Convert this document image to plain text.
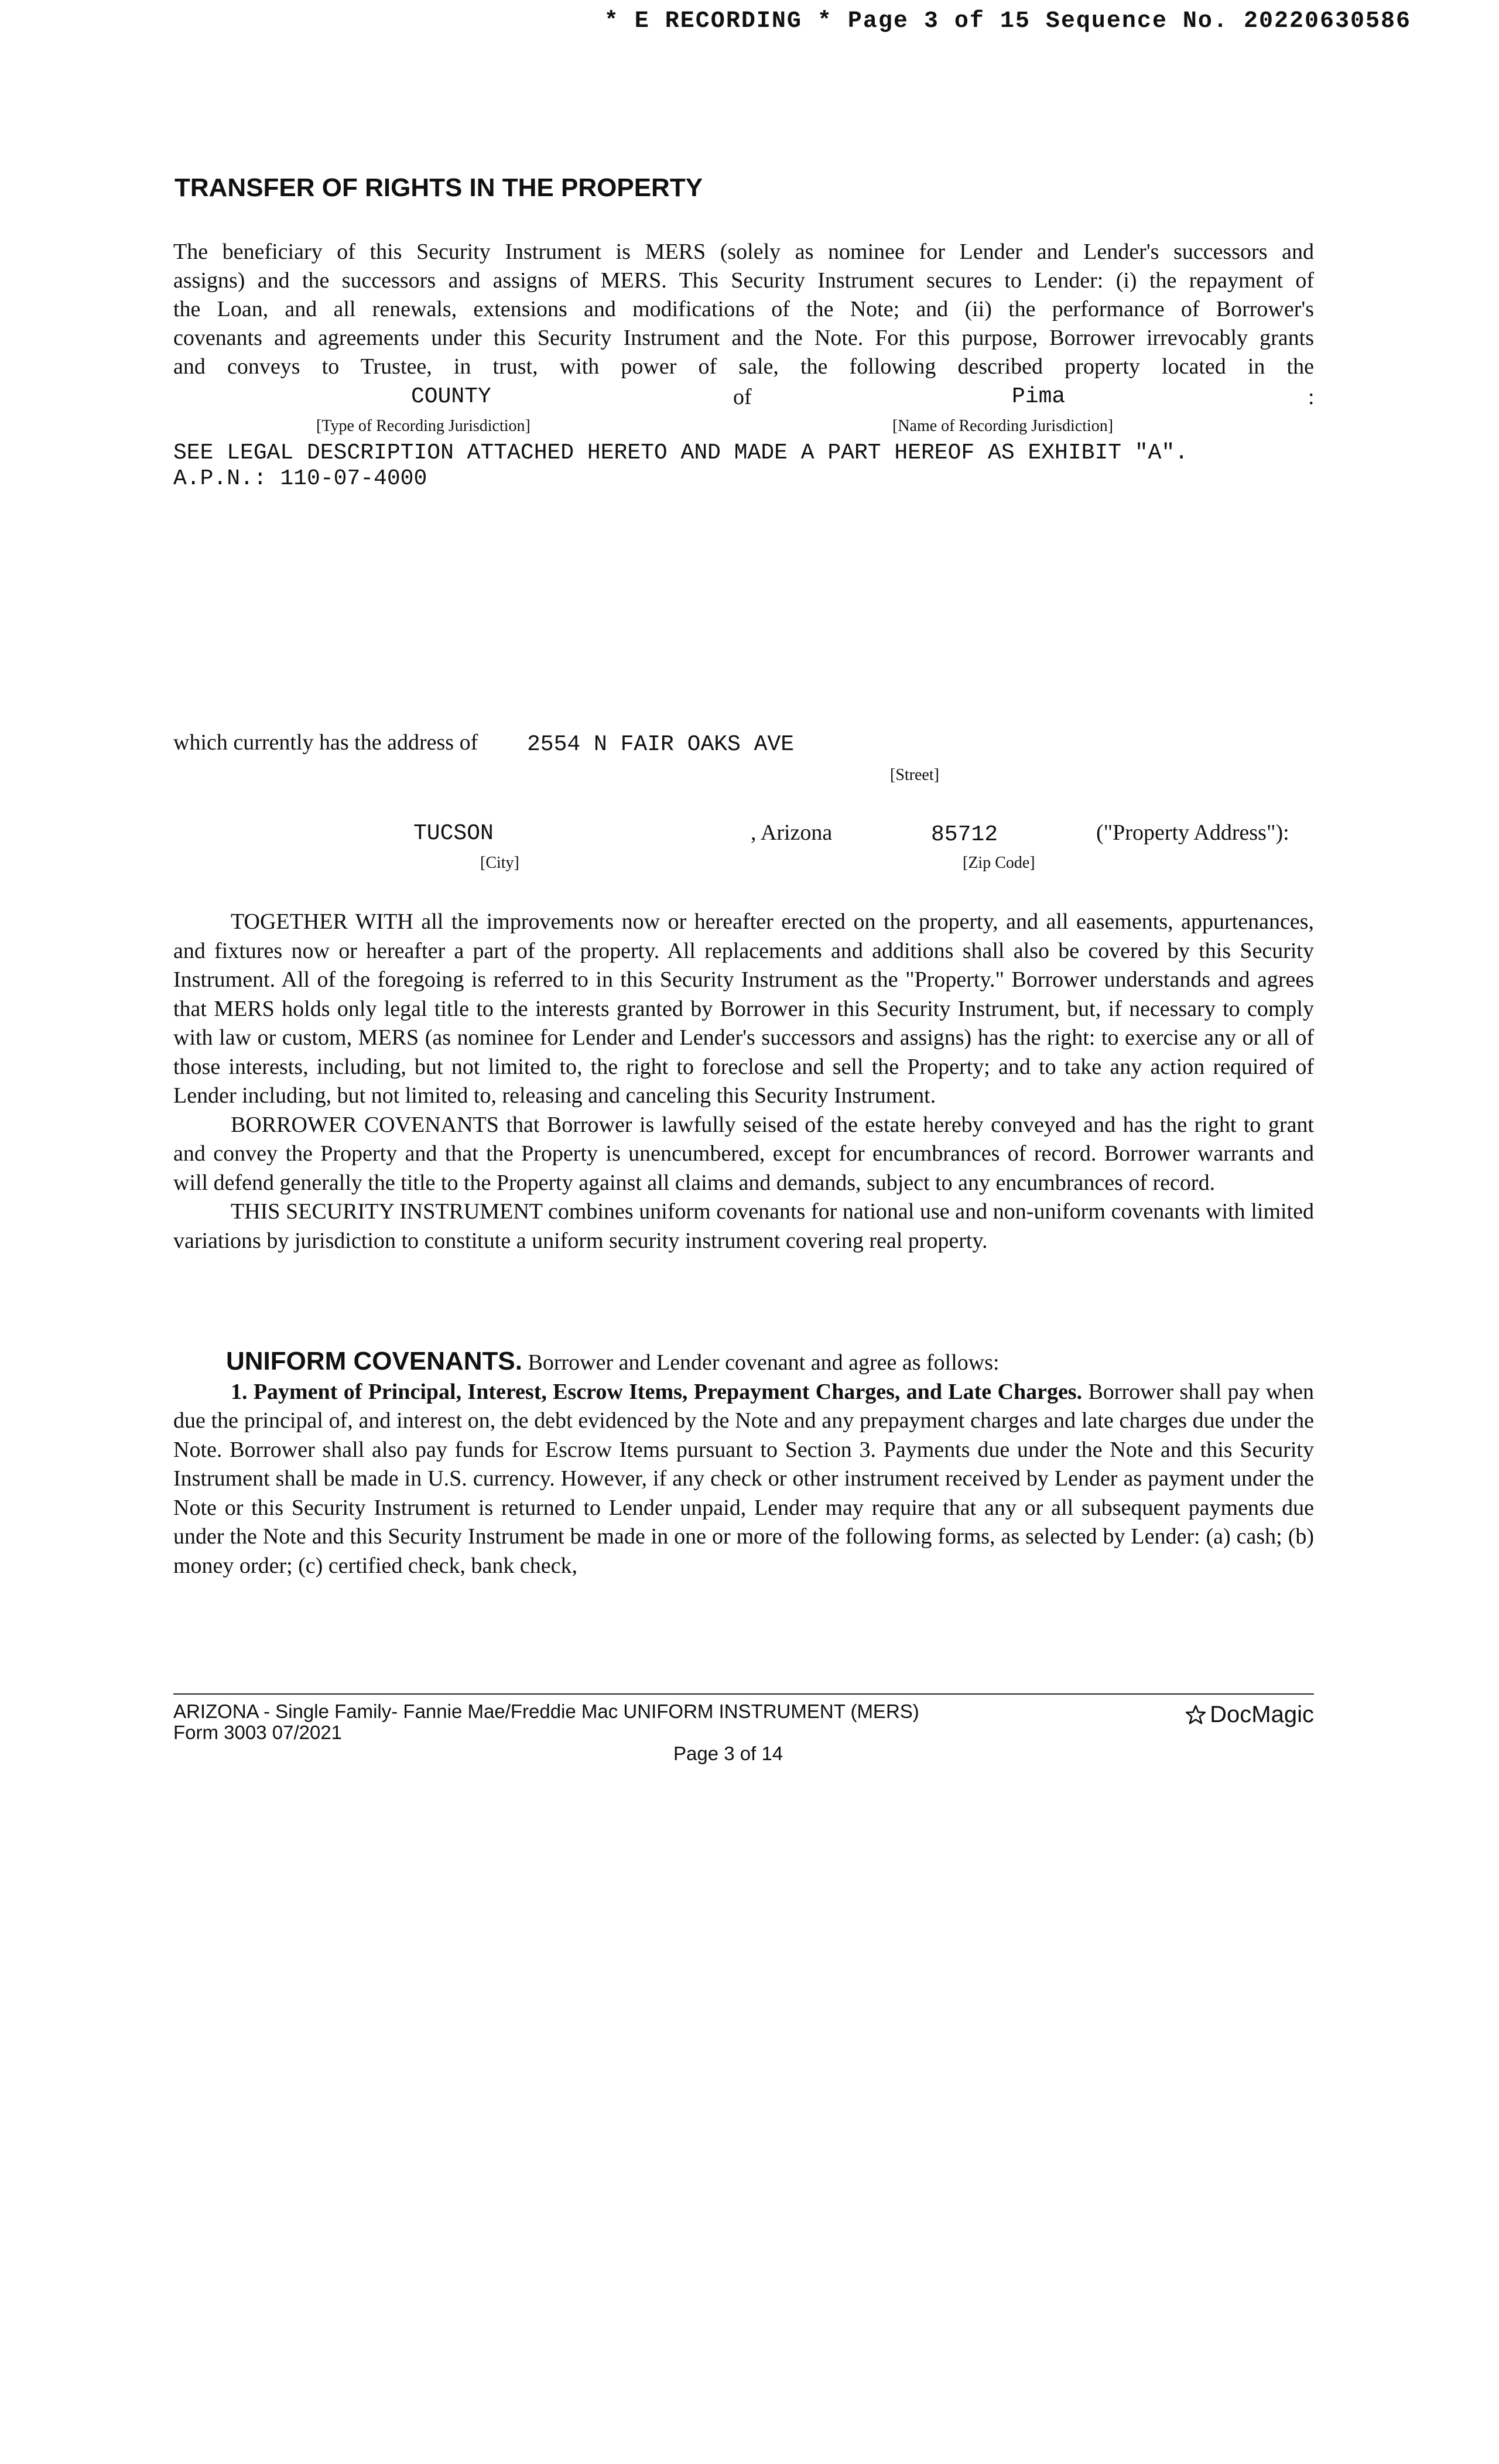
* E RECORDING * Page 3 of 15 Sequence No. 20220630586
TRANSFER OF RIGHTS IN THE PROPERTY
The beneficiary of this Security Instrument is MERS (solely as nominee for Lender and Lender's successors and
assigns) and the successors and assigns of MERS. This Security Instrument secures to Lender: (i) the repayment of
the Loan, and all renewals, extensions and modifications of the Note; and (ii) the performance of Borrower's
covenants and agreements under this Security Instrument and the Note. For this purpose, Borrower irrevocably grants
and conveys to Trustee, in trust, with power of sale, the following described property located in the
COUNTY	of	Pima	:
[Type of Recording Jurisdiction]	[Name of Recording Jurisdiction]
SEE LEGAL DESCRIPTION ATTACHED HERETO AND MADE A PART HEREOF AS EXHIBIT "A".
A.P.N.: 110-07-4000
which currently has the address of 2554 N FAIR OAKS AVE
[Street]
TUCSON	, Arizona	85712	("Property Address"):
[City]	[Zip Code]

TOGETHER WITH all the improvements now or hereafter erected on the property, and all easements, appurtenances, and fixtures now or hereafter a part of the property. All replacements and additions shall also be covered by this Security Instrument. All of the foregoing is referred to in this Security Instrument as the "Property." Borrower understands and agrees that MERS holds only legal title to the interests granted by Borrower in this Security Instrument, but, if necessary to comply with law or custom, MERS (as nominee for Lender and Lender's successors and assigns) has the right: to exercise any or all of those interests, including, but not limited to, the right to foreclose and sell the Property; and to take any action required of Lender including, but not limited to, releasing and canceling this Security Instrument.

BORROWER COVENANTS that Borrower is lawfully seised of the estate hereby conveyed and has the right to grant and convey the Property and that the Property is unencumbered, except for encumbrances of record. Borrower warrants and will defend generally the title to the Property against all claims and demands, subject to any encumbrances of record.

THIS SECURITY INSTRUMENT combines uniform covenants for national use and non-uniform covenants with limited variations by jurisdiction to constitute a uniform security instrument covering real property.

UNIFORM COVENANTS. Borrower and Lender covenant and agree as follows:

1. Payment of Principal, Interest, Escrow Items, Prepayment Charges, and Late Charges. Borrower shall pay when due the principal of, and interest on, the debt evidenced by the Note and any prepayment charges and late charges due under the Note. Borrower shall also pay funds for Escrow Items pursuant to Section 3. Payments due under the Note and this Security Instrument shall be made in U.S. currency. However, if any check or other instrument received by Lender as payment under the Note or this Security Instrument is returned to Lender unpaid, Lender may require that any or all subsequent payments due under the Note and this Security Instrument be made in one or more of the following forms, as selected by Lender: (a) cash; (b) money order; (c) certified check, bank check,

ARIZONA - Single Family- Fannie Mae/Freddie Mac UNIFORM INSTRUMENT (MERS)
Form 3003 07/2021
Page 3 of 14
DocMagic
